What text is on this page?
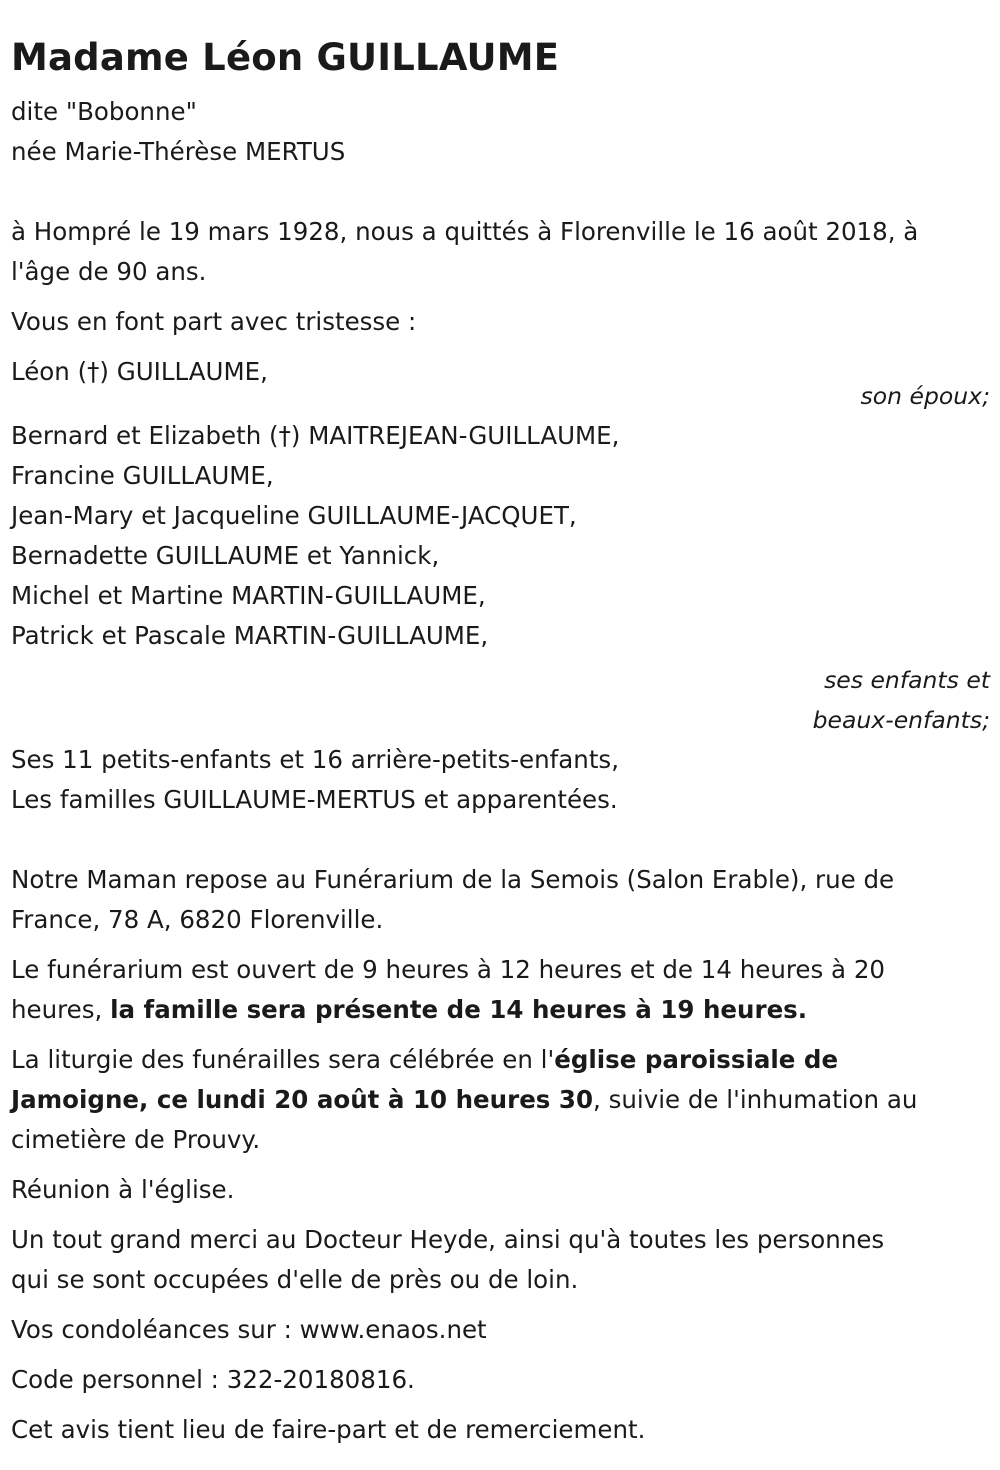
Madame Léon GUILLAUME
dite "Bobonne"
née Marie-Thérèse MERTUS
à Hompré le 19 mars 1928, nous a quittés à Florenville le 16 août 2018, à
l'âge de 90 ans.
Vous en font part avec tristesse :
Léon (†) GUILLAUME,
son époux;
Bernard et Elizabeth (†) MAITREJEAN-GUILLAUME,
Francine GUILLAUME,
Jean-Mary et Jacqueline GUILLAUME-JACQUET,
Bernadette GUILLAUME et Yannick,
Michel et Martine MARTIN-GUILLAUME,
Patrick et Pascale MARTIN-GUILLAUME,
ses enfants et
beaux-enfants;
Ses 11 petits-enfants et 16 arrière-petits-enfants,
Les familles GUILLAUME-MERTUS et apparentées.
Notre Maman repose au Funérarium de la Semois (Salon Erable), rue de
France, 78 A, 6820 Florenville.
Le funérarium est ouvert de 9 heures à 12 heures et de 14 heures à 20
heures, la famille sera présente de 14 heures à 19 heures.
La liturgie des funérailles sera célébrée en l'église paroissiale de
Jamoigne, ce lundi 20 août à 10 heures 30, suivie de l'inhumation au
cimetière de Prouvy.
Réunion à l'église.
Un tout grand merci au Docteur Heyde, ainsi qu'à toutes les personnes
qui se sont occupées d'elle de près ou de loin.
Vos condoléances sur : www.enaos.net
Code personnel : 322-20180816.
Cet avis tient lieu de faire-part et de remerciement.
